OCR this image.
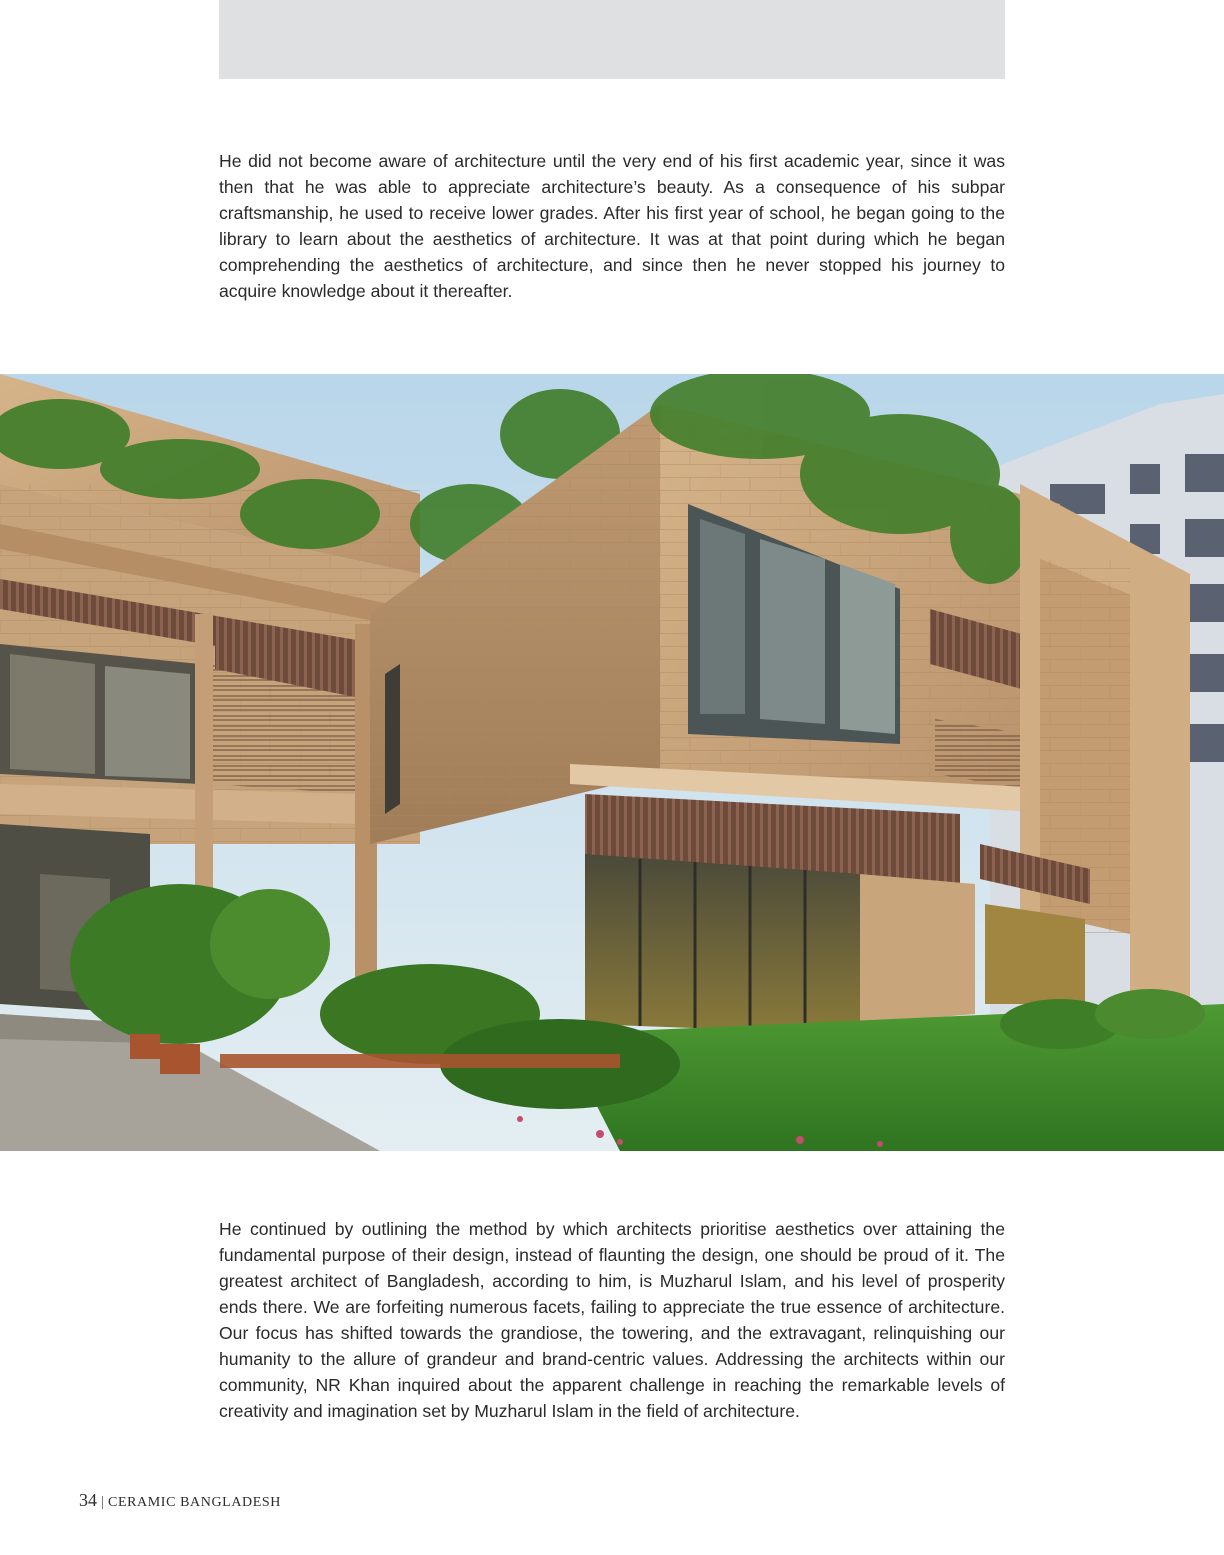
He did not become aware of architecture until the very end of his first academic year, since it was then that he was able to appreciate architecture’s beauty. As a consequence of his subpar craftsmanship, he used to receive lower grades. After his first year of school, he began going to the library to learn about the aesthetics of architecture. It was at that point during which he began comprehending the aesthetics of architecture, and since then he never stopped his journey to acquire knowledge about it thereafter.

He continued by outlining the method by which architects prioritise aesthetics over attaining the fundamental purpose of their design, instead of flaunting the design, one should be proud of it. The greatest architect of Bangladesh, according to him, is Muzharul Islam, and his level of prosperity ends there. We are forfeiting numerous facets, failing to appreciate the true essence of architecture. Our focus has shifted towards the grandiose, the towering, and the extravagant, relinquishing our humanity to the allure of grandeur and brand-centric values. Addressing the architects within our community, NR Khan inquired about the apparent challenge in reaching the remarkable levels of creativity and imagination set by Muzharul Islam in the field of architecture.

34 | CERAMIC BANGLADESH
